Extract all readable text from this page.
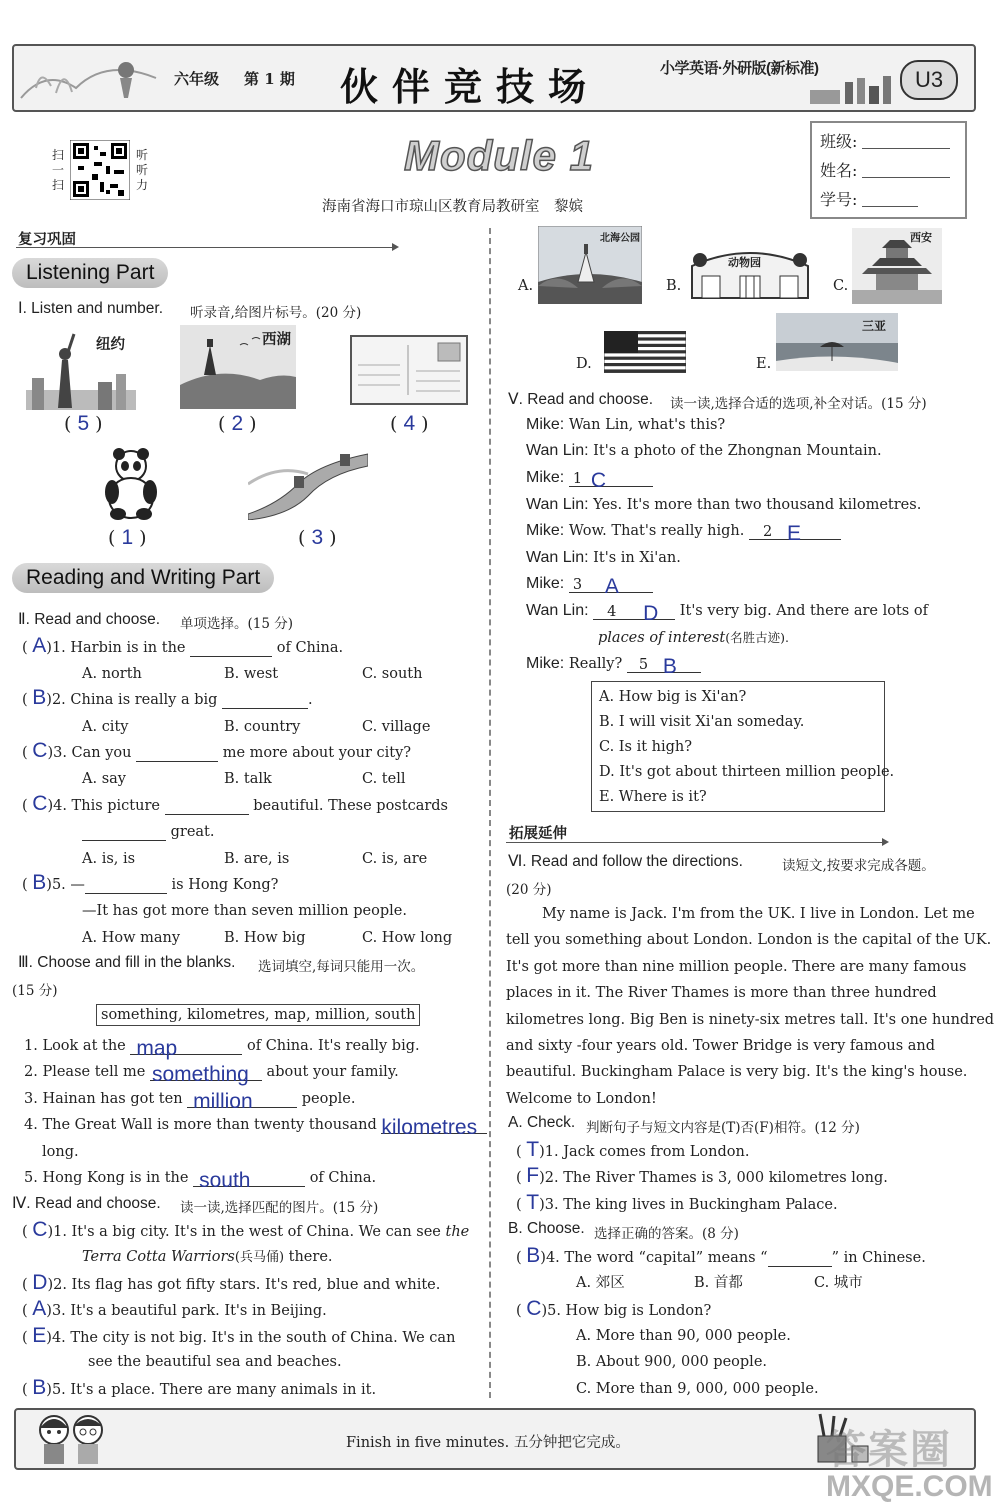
六年级 第 1 期 伙伴竞技场	小学英语·外研版(新标准)	U3
扫一扫
听听力
Module 1
海南省海口市琼山区教育局教研室　黎嫔
班级:
姓名:
学号:
复习巩固
Listening Part
Ⅰ. Listen and number. 听录音,给图片标号。(20 分)
纽约	西湖
( 5 )	( 2 )	( 4 )
( 1 )	( 3 )
Reading and Writing Part
Ⅱ. Read and choose. 单项选择。(15 分)
( A)1. Harbin is in the	of China.
A. north	B. west	C. south
( B)2. China is really a big	.
A. city	B. country	C. village
( C)3. Can you	me more about your city?
A. say	B. talk	C. tell
( C)4. This picture	beautiful. These postcards
great.
A. is, is	B. are, is	C. is, are
( B)5. —	is Hong Kong?
—It has got more than seven million people.
A. How many	B. How big	C. How long
Ⅲ. Choose and fill in the blanks. 选词填空,每词只能用一次。
(15 分)
something, kilometres, map, million, south
1. Look at the map	of China. It's really big.
2. Please tell me something about your family.
3. Hainan has got ten million	people.
4. The Great Wall is more than twenty thousand kilometres
long.
5. Hong Kong is in the south	of China.
Ⅳ. Read and choose. 读一读,选择匹配的图片。(15 分)
( C)1. It's a big city. It's in the west of China. We can see the
Terra Cotta Warriors(兵马俑) there.
( D)2. Its flag has got fifty stars. It's red, blue and white.
( A)3. It's a beautiful park. It's in Beijing.
( E)4. The city is not big. It's in the south of China. We can
see the beautiful sea and beaches.
( B)5. It's a place. There are many animals in it.
A.
北海公园
B.
动物园
C.
西安
D.	E.
三亚
Ⅴ. Read and choose. 读一读,选择合适的选项,补全对话。(15 分)
Mike: Wan Lin, what's this?
Wan Lin: It's a photo of the Zhongnan Mountain.
Mike: 1 C
Wan Lin: Yes. It's more than two thousand kilometres.
Mike: Wow. That's really high. 2 E
Wan Lin: It's in Xi'an.
Mike: 3 A
Wan Lin: 4 D It's very big. And there are lots of
places of interest(名胜古迹).
Mike: Really? 5 B
A. How big is Xi'an?
B. I will visit Xi'an someday.
C. Is it high?
D. It's got about thirteen million people.
E. Where is it?
拓展延伸
Ⅵ. Read and follow the directions.	读短文,按要求完成各题。
(20 分)
My name is Jack. I'm from the UK. I live in London. Let me
tell you something about London. London is the capital of the UK.
It's got more than nine million people. There are many famous
places in it. The River Thames is more than three hundred
kilometres long. Big Ben is ninety-six metres tall. It's one hundred
and sixty -four years old. Tower Bridge is very famous and
beautiful. Buckingham Palace is very big. It's the king's house.
Welcome to London!
A. Check. 判断句子与短文内容是(T)否(F)相符。(12 分)
( T)1. Jack comes from London.
( F)2. The River Thames is 3, 000 kilometres long.
( T)3. The king lives in Buckingham Palace.
B. Choose. 选择正确的答案。(8 分)
( B)4. The word “capital” means “	” in Chinese.
A. 郊区	B. 首都	C. 城市
( C)5. How big is London?
A. More than 90, 000 people.
B. About 900, 000 people.
C. More than 9, 000, 000 people.
Finish in five minutes. 五分钟把它完成。	答案圈
MXQE.COM
